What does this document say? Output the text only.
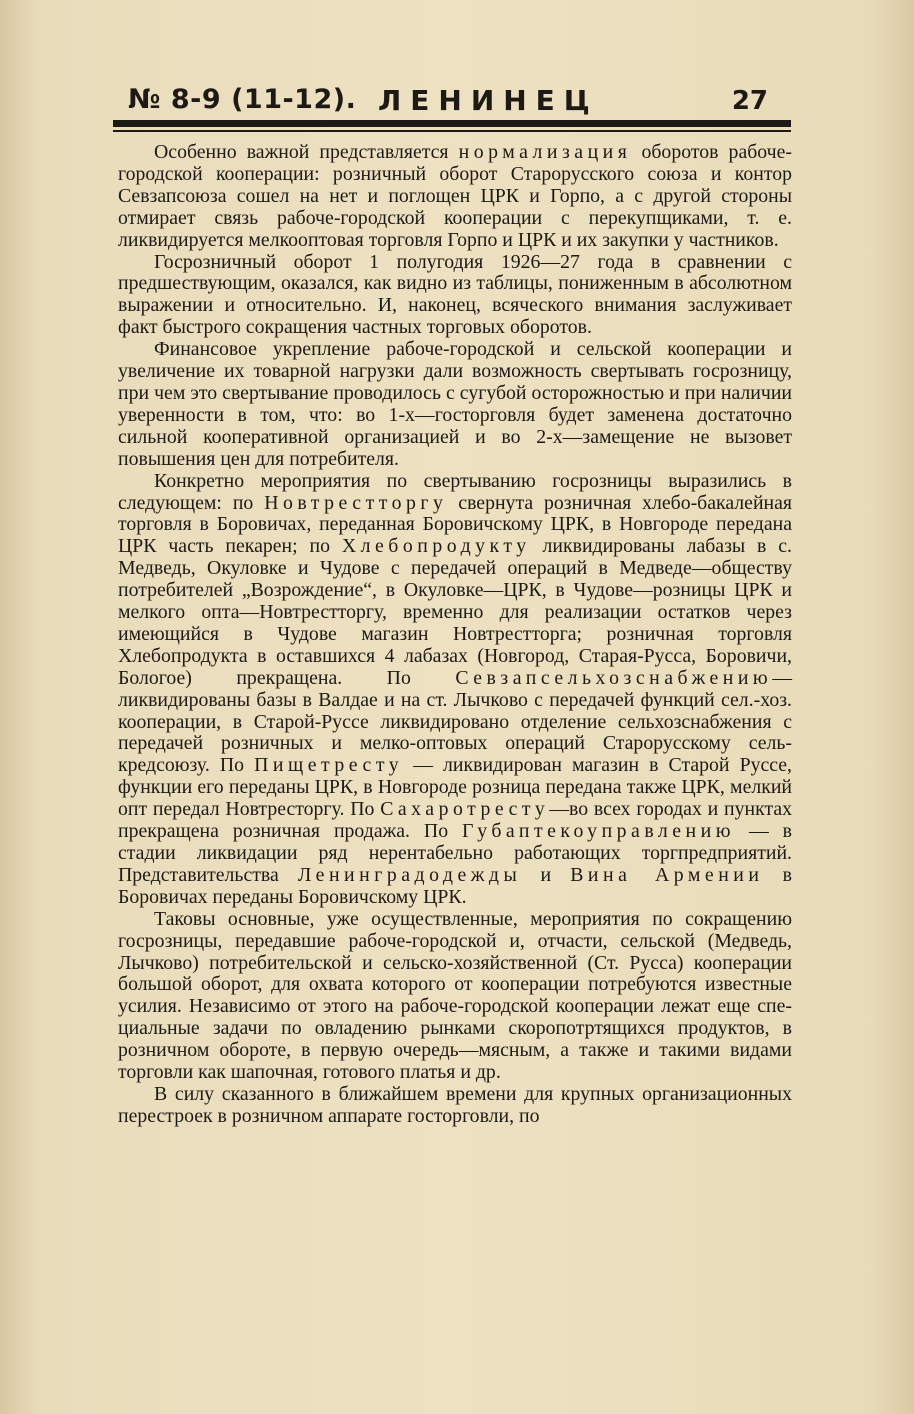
№ 8-9 (11-12). ЛЕНИНЕЦ	27

Особенно важной представляется нормализация оборотов рабоче-городской кооперации: розничный оборот Старорусского союза и контор Севзапсоюза сошел на нет и поглощен ЦРК и Горпо, а с другой стороны отмирает связь рабоче-городской кооперации с перекупщиками, т. е. ликвидируется мелкооптовая торговля Горпо и ЦРК и их закупки у частников.

Госрозничный оборот 1 полугодия 1926—27 года в сравнении с предшествующим, оказался, как видно из таблицы, пониженным в абсолютном выражении и относительно. И, наконец, всяческого внимания заслуживает факт быстрого сокращения частных торговых оборотов.

Финансовое укрепление рабоче-городской и сельской кооперации и увеличение их товарной нагрузки дали возможность свертывать госрозницу, при чем это свертывание проводилось с сугубой осторожностью и при наличии уверенности в том, что: во 1-х—госторговля будет заменена достаточно сильной кооперативной организацией и во 2-х—замещение не вызовет повышения цен для потребителя.

Конкретно мероприятия по свертыванию госрозницы выразились в следующем: по Новтрестторгу свернута розничная хлебо-бакалейная торговля в Боровичах, переданная Боровичскому ЦРК, в Новгороде передана ЦРК часть пекарен; по Хлебопродукту ликвидированы лабазы в с. Медведь, Окуловке и Чудове с передачей операций в Медведе—обществу потребителей „Возрождение“, в Окуловке—ЦРК, в Чудове—розницы ЦРК и мелкого опта—Новтрестторгу, временно для реализации остатков через имеющийся в Чудове магазин Новтрестторга; розничная торговля Хлебопродукта в оставшихся 4 лабазах (Новгород, Старая-Русса, Боровичи, Бологое) прекращена. По Севзапсельхозснабжению—ликвидированы базы в Валдае и на ст. Лычково с передачей функций сел.-хоз. кооперации, в Старой-Руссе ликвидировано отделение сельхозснабжения с передачей розничных и мелко-оптовых операций Старорусскому селькредсоюзу. По Пищетресту — ликвидирован магазин в Старой Руссе, функции его переданы ЦРК, в Новгороде розница передана также ЦРК, мелкий опт передал Новтресторгу. По Сахаротресту—во всех городах и пунктах прекращена розничная продажа. По Губаптекоуправлению — в стадии ликвидации ряд нерентабельно работающих торгпредприятий. Представительства Ленинградодежды и Вина Армении в Боровичах переданы Боровичскому ЦРК.

Таковы основные, уже осуществленные, мероприятия по сокращению госрозницы, передавшие рабоче-городской и, отчасти, сельской (Медведь, Лычково) потребительской и сельско-хозяйственной (Ст. Русса) кооперации большой оборот, для охвата которого от кооперации потребуются известные усилия. Независимо от этого на рабоче-городской кооперации лежат еще специальные задачи по овладению рынками скоропотртящихся продуктов, в розничном обороте, в первую очередь—мясным, а также и такими видами торговли как шапочная, готового платья и др.

В силу сказанного в ближайшем времени для крупных организационных перестроек в розничном аппарате госторговли, по
